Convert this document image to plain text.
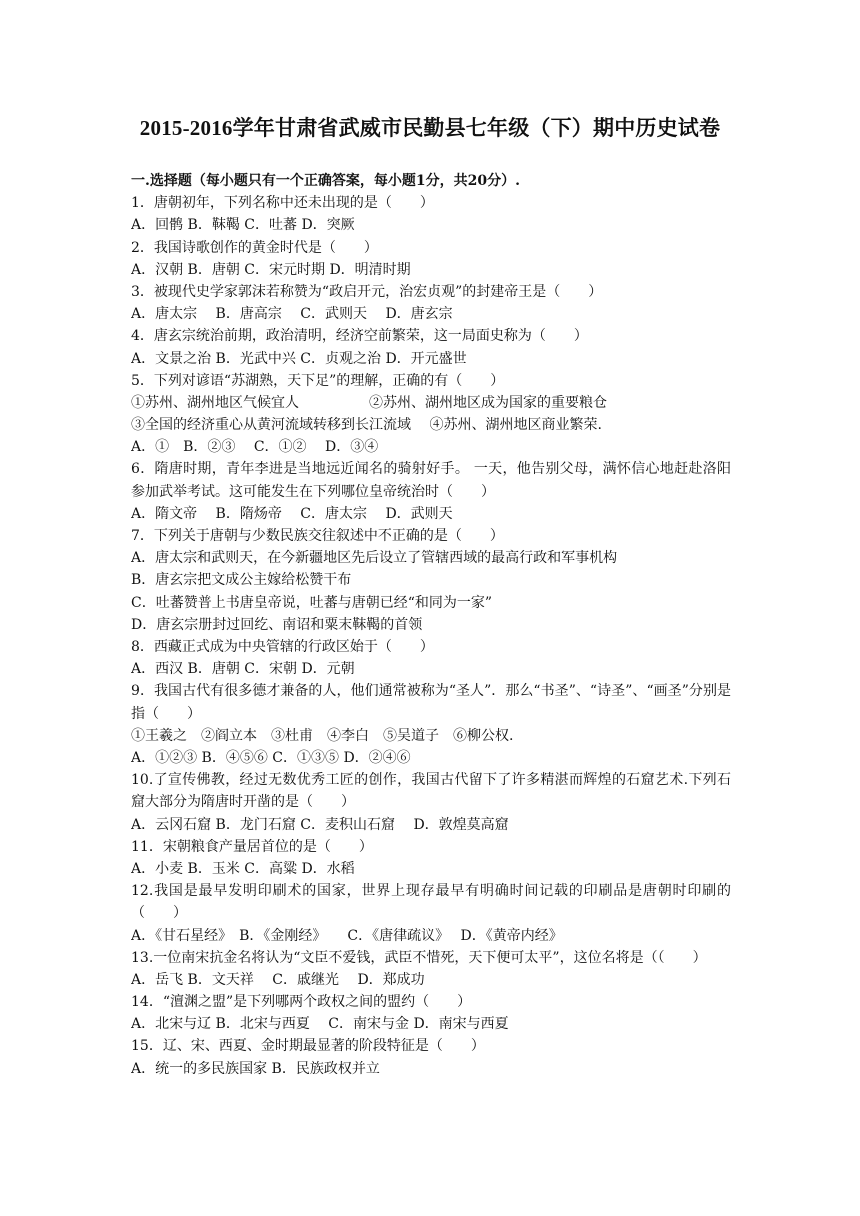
2015-2016学年甘肃省武威市民勤县七年级（下）期中历史试卷
一.选择题（每小题只有一个正确答案，每小题1分，共20分）.
1．唐朝初年，下列名称中还未出现的是（　　）
A．回鹘 B．靺鞨 C．吐蕃 D．突厥
2．我国诗歌创作的黄金时代是（　　）
A．汉朝 B．唐朝 C．宋元时期 D．明清时期
3．被现代史学家郭沫若称赞为“政启开元，治宏贞观”的封建帝王是（　　）
A．唐太宗　 B．唐高宗　 C．武则天　 D．唐玄宗
4．唐玄宗统治前期，政治清明，经济空前繁荣，这一局面史称为（　　）
A．文景之治 B．光武中兴 C．贞观之治 D．开元盛世
5．下列对谚语“苏湖熟，天下足”的理解，正确的有（　　）
①苏州、湖州地区气候宜人　　　　　②苏州、湖州地区成为国家的重要粮仓
③全国的经济重心从黄河流域转移到长江流域　 ④苏州、湖州地区商业繁荣.
A．①　B．②③　 C．①②　 D．③④
6．隋唐时期，青年李进是当地远近闻名的骑射好手。 一天，他告别父母，满怀信心地赶赴洛阳参加武举考试。这可能发生在下列哪位皇帝统治时（　　）
A．隋文帝　 B．隋炀帝　 C．唐太宗　 D．武则天
7．下列关于唐朝与少数民族交往叙述中不正确的是（　　）
A．唐太宗和武则天，在今新疆地区先后设立了管辖西域的最高行政和军事机构
B．唐玄宗把文成公主嫁给松赞干布
C．吐蕃赞普上书唐皇帝说，吐蕃与唐朝已经“和同为一家”
D．唐玄宗册封过回纥、南诏和粟末靺鞨的首领
8．西藏正式成为中央管辖的行政区始于（　　）
A．西汉 B．唐朝 C．宋朝 D．元朝
9．我国古代有很多德才兼备的人，他们通常被称为“圣人”．那么“书圣”、“诗圣”、“画圣”分别是指（　　）
①王羲之　②阎立本　③杜甫　④李白　⑤吴道子　⑥柳公权.
A．①②③ B．④⑤⑥ C．①③⑤ D．②④⑥
10.了宣传佛教，经过无数优秀工匠的创作，我国古代留下了许多精湛而辉煌的石窟艺术.下列石窟大部分为隋唐时开凿的是（　　）
A．云冈石窟 B．龙门石窟 C．麦积山石窟　 D．敦煌莫高窟
11．宋朝粮食产量居首位的是（　　）
A．小麦 B．玉米 C．高粱 D．水稻
12.我国是最早发明印刷术的国家，世界上现存最早有明确时间记载的印刷品是唐朝时印刷的（　　）
A．《甘石星经》　B．《金刚经》　　C．《唐律疏议》　 D．《黄帝内经》
13.一位南宋抗金名将认为“文臣不爱钱，武臣不惜死，天下便可太平”，这位名将是（（　　）
A．岳飞 B．文天祥　 C．戚继光　 D．郑成功
14．“澶渊之盟”是下列哪两个政权之间的盟约（　　）
A．北宋与辽 B．北宋与西夏　 C．南宋与金 D．南宋与西夏
15．辽、宋、西夏、金时期最显著的阶段特征是（　　）
A．统一的多民族国家 B．民族政权并立
